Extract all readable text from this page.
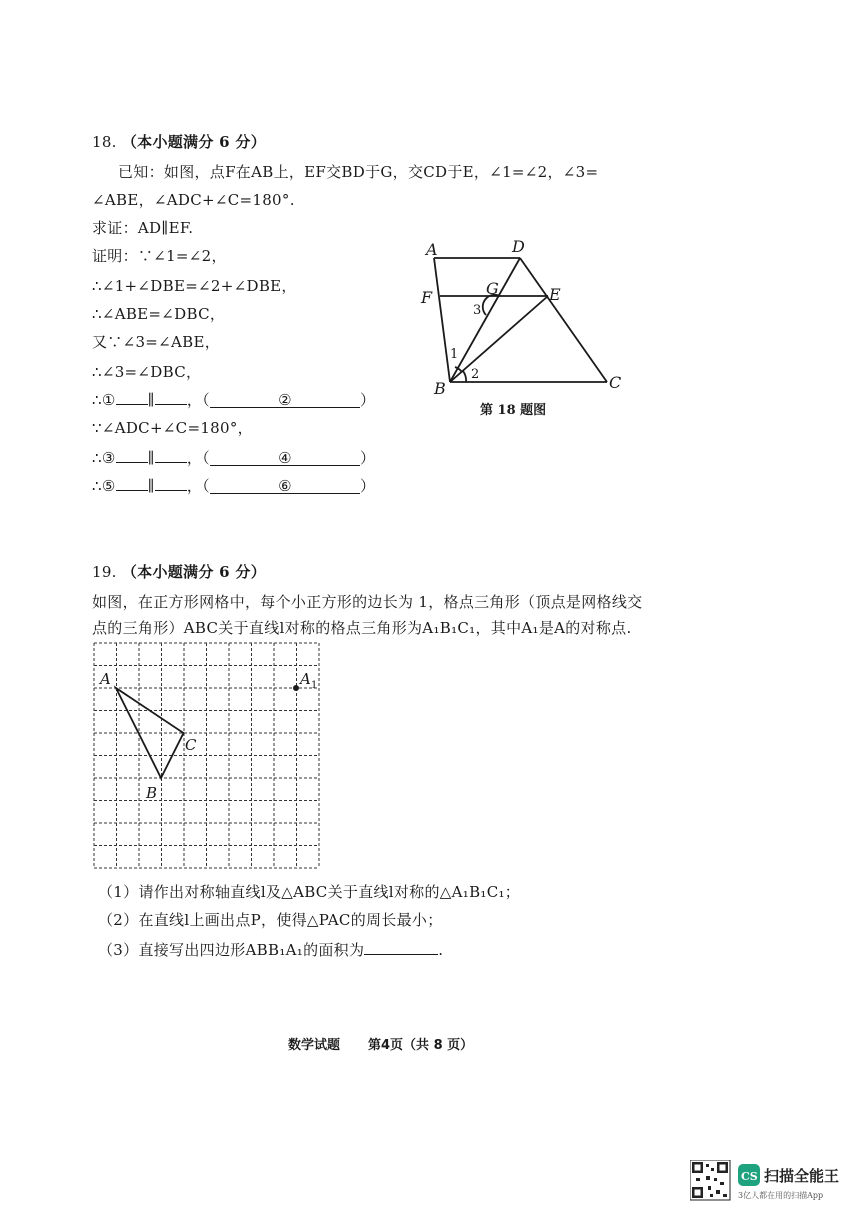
18. （本小题满分 6 分）
已知：如图，点F在AB上，EF交BD于G，交CD于E，∠1=∠2，∠3=
∠ABE，∠ADC+∠C=180°.
求证：AD∥EF.
证明：∵∠1=∠2，
∴∠1+∠DBE=∠2+∠DBE，
∴∠ABE=∠DBC，
又∵∠3=∠ABE，
∴∠3=∠DBC，
∴① ∥ ，（	②	）
∵∠ADC+∠C=180°，
∴③ ∥ ，（	④	）
∴⑤ ∥ ，（	⑥	）
A	D
F	G	E
B	C
1
2
3
第 18 题图
19. （本小题满分 6 分）
如图，在正方形网格中，每个小正方形的边长为 1，格点三角形（顶点是网格线交
点的三角形）ABC关于直线l对称的格点三角形为A₁B₁C₁，其中A₁是A的对称点.
A
C
B
A 1
（1）请作出对称轴直线l及△ABC关于直线l对称的△A₁B₁C₁；
（2）在直线l上画出点P，使得△PAC的周长最小；
（3）直接写出四边形ABB₁A₁的面积为	.
数学试题 第4页（共 8 页）
CS 扫描全能王
3亿人都在用的扫描App
